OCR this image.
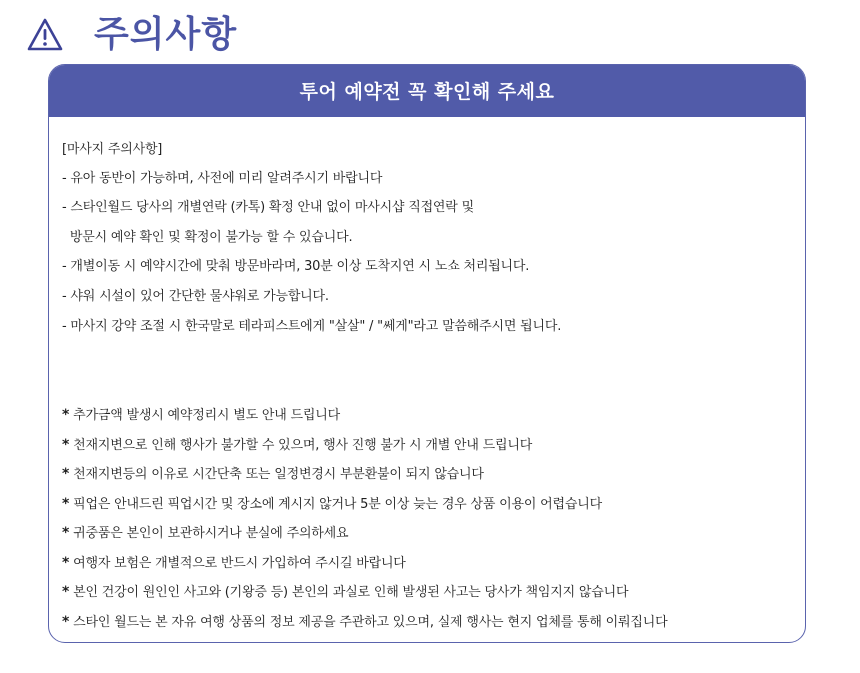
주의사항
투어 예약전 꼭 확인해 주세요
[마사지 주의사항]
- 유아 동반이 가능하며, 사전에 미리 알려주시기 바랍니다
- 스타인월드 당사의 개별연락 (카톡) 확정 안내 없이 마사시샵 직접연락 및
방문시 예약 확인 및 확정이 불가능 할 수 있습니다.
- 개별이동 시 예약시간에 맞춰 방문바라며, 30분 이상 도착지연 시 노쇼 처리됩니다.
- 샤워 시설이 있어 간단한 물샤워로 가능합니다.
- 마사지 강약 조절 시 한국말로 테라피스트에게 "살살" / "쎄게"라고 말씀해주시면 됩니다.
* 추가금액 발생시 예약정리시 별도 안내 드립니다
* 천재지변으로 인해 행사가 불가할 수 있으며, 행사 진행 불가 시 개별 안내 드립니다
* 천재지변등의 이유로 시간단축 또는 일정변경시 부분환불이 되지 않습니다
* 픽업은 안내드린 픽업시간 및 장소에 계시지 않거나 5분 이상 늦는 경우 상품 이용이 어렵습니다
* 귀중품은 본인이 보관하시거나 분실에 주의하세요
* 여행자 보험은 개별적으로 반드시 가입하여 주시길 바랍니다
* 본인 건강이 원인인 사고와 (기왕증 등) 본인의 과실로 인해 발생된 사고는 당사가 책임지지 않습니다
* 스타인 월드는 본 자유 여행 상품의 정보 제공을 주관하고 있으며, 실제 행사는 현지 업체를 통해 이뤄집니다
